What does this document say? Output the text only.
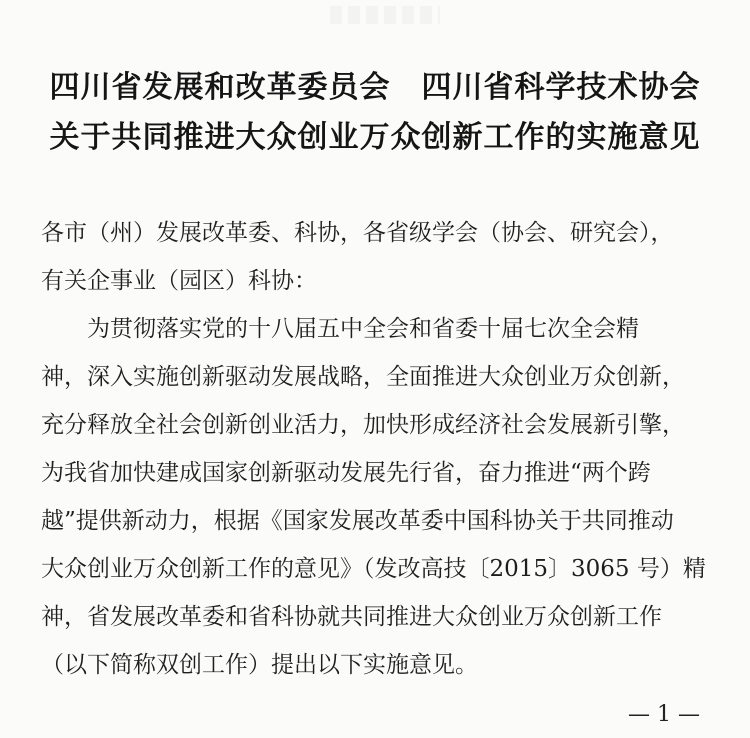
四川省发展和改革委员会　四川省科学技术协会
关于共同推进大众创业万众创新工作的实施意见
各市（州）发展改革委、科协，各省级学会（协会、研究会），
有关企事业（园区）科协：
　　为贯彻落实党的十八届五中全会和省委十届七次全会精
神，深入实施创新驱动发展战略，全面推进大众创业万众创新，
充分释放全社会创新创业活力，加快形成经济社会发展新引擎，
为我省加快建成国家创新驱动发展先行省，奋力推进“两个跨
越”提供新动力，根据《国家发展改革委中国科协关于共同推动
大众创业万众创新工作的意见》（发改高技〔2015〕3065 号）精
神，省发展改革委和省科协就共同推进大众创业万众创新工作
（以下简称双创工作）提出以下实施意见。
— 1 —
